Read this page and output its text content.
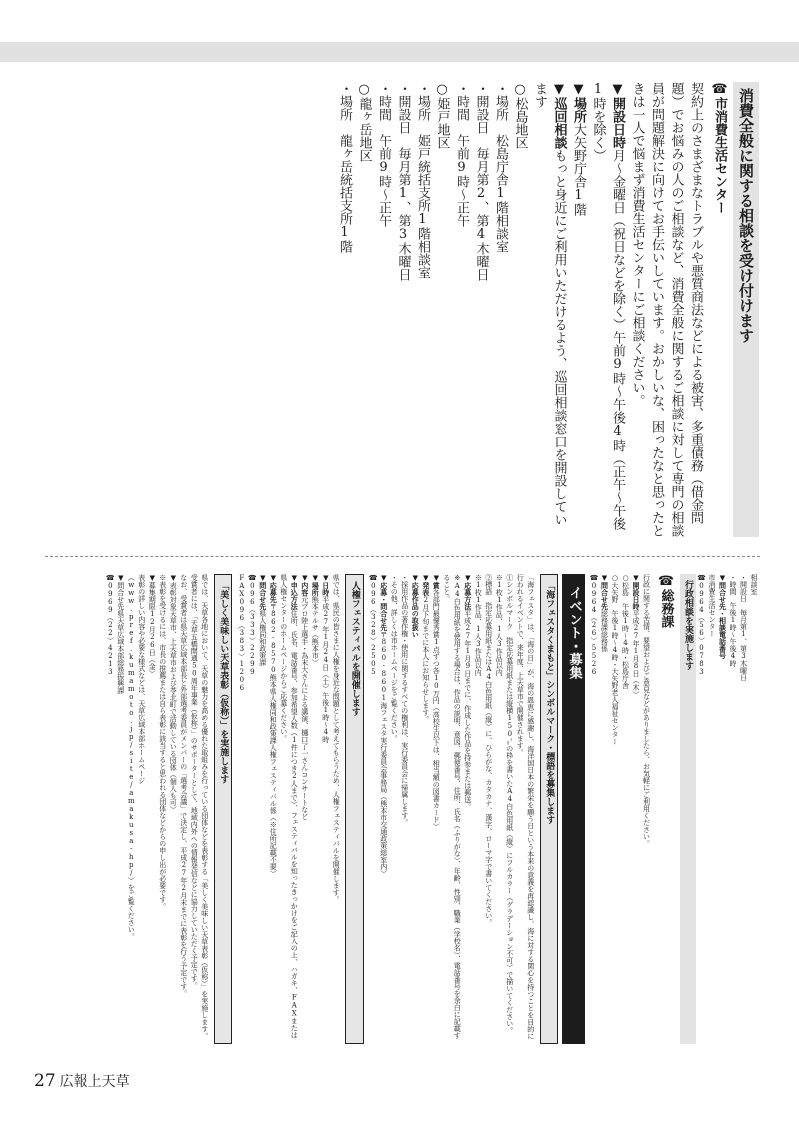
消費全般に関する相談を受け付けます
☎市消費生活センター

契約上のさまざまなトラブルや悪質商法などによる被害、多重債務（借金問題）でお悩みの人のご相談など、消費全般に関するご相談に対して専門の相談員が問題解決に向けてお手伝いしています。おかしいな、困ったなと思ったときは一人で悩まず消費生活センターにご相談ください。

▼開設日時月〜金曜日（祝日などを除く）午前9時〜午後4時（正午〜午後1時を除く）

▼場所大矢野庁舎1階

▼巡回相談もっと身近にご利用いただけるよう、巡回相談窓口を開設しています

○松島地区

・場所　松島庁舎1階相談室

・開設日　毎月第2、第4木曜日

・時間　午前9時〜正午

○姫戸地区

・場所　姫戸統括支所1階相談室

・開設日　毎月第1、第3木曜日

・時間　午前9時〜正午

○龍ヶ岳地区

・場所　龍ヶ岳統括支所1階

相談室

・開設日　毎月第1、第3木曜日

・時間　午後1時〜午後4時

▼問合せ先・相談電話番号

市消費生活センター

☎0964（56）0783

行政相談を実施します
☎総務課

行政に関する苦情、要望およびご意見などがありましたら、お気軽にご利用ください。

▼開設日時平成27年1月8日（木）

○松島　午後1時〜4時・松島庁舎

○大矢野　午後1時〜4時・大矢野老人福祉センター

▼問合せ先総務課総務係

☎0964（26）5526

イベント・募集
「海フェスタくまもと」シンボルマーク・標語を募集します

「海フェスタ」は、「海の日」が、海の恩恵に感謝し、海洋国日本の繁栄を願う日という本来の意義を再認識し、海に対する関心を持つことを目的に行われるイベントで、来年度、上天草市で開催されます。

①シンボルマーク　指定応募用紙または縦横150㍉の枠を書いたA4白色用紙（縦）にフルカラー（グラデーション不可）で描いてください。

※1枚1作品、1人3作品以内

②標語　指定応募用紙またはA4白色用紙（縦）に、ひらがな、カタカナ、漢字、ローマ字で書いてください。

※1枚1作品、1人3作品以内

▼応募方法平成27年1月9日までに、作成した作品を持参または郵送。

※A4白色用紙を使用する場合は、作品の説明、意図、郵便番号、住所、氏名（ふりがな）、年齢、性別、職業（学校名）、電話番号を余白に記載すること。

▼賞各部門最優秀賞1点ずつ各10万円（高校生以下は、相当額の図書カード）

▼発表2月下旬までに本人にお知らせします。

▼応募作品の取扱い

・採用作品の著作権・使用に関するすべての権利は、実行委員会に帰属します。

・その他、詳しくは市ホームページをご覧ください。

▼応募・問合せ先〒860-8601海フェスタ実行委員会事務局（熊本市交通政策総室内）

☎096（328）2505

人権フェスティバルを開催します

県では、県民の皆さまに人権を身近な問題として考えてもらうため、人権フェスティバルを開催します。

▼日時平成27年1月24日（土）午後1時〜4時

▼場所熊本テルサ（熊本市）

▼内容元プロ陸上選手・為末大さんによる講演、樋口了一さんコンサートなど

▼申込方法住所、氏名、電話番号、参加希望人数（1件につき2人まで）、フェスティバルを知ったきっかけをご記入の上、ハガキ、FAXまたは県人権センターのホームページからご応募ください。

▼応募先〒862-8570熊本県人権同和政策課人権フェスティバル係（※住所記載不要）

▼問合せ先県人権同和政策課

☎096（333）2299

FAX096（383）1206

「美しく美味しい天草表彰（仮称）」を実施します

県では、天草各地において、天草の魅力を高める優れた取組みを行っている団体などを表彰する「美しく美味しい天草表彰（仮称）」を実施します。

受賞者には、「天草五橋開通50周年事業（仮称）」のサポーターとして、地域内外への情報発信などに協力していただく予定です。

なお、受賞者は県天草広域本部長と外部選考委員がメンバーの「選考会議」で決定し、平成27年2月末までに表彰を行う予定です。

▼表彰対象天草市、上天草市および苓北町で活動している団体（個人も可）

※表彰を受けるには、市長の推薦または自ら表彰に該当すると思われる団体などからの申し出が必要です。

▼募集期限12月26日（金）

表彰の詳しい内容や必要な様式などは、天草広域本部ホームページ（www.pref.kumamoto.jp/site/amakusa-hp/）をご覧ください。

▼問合せ先県天草広域本部総務振興課

☎0969（22）4213

27 広報上天草
